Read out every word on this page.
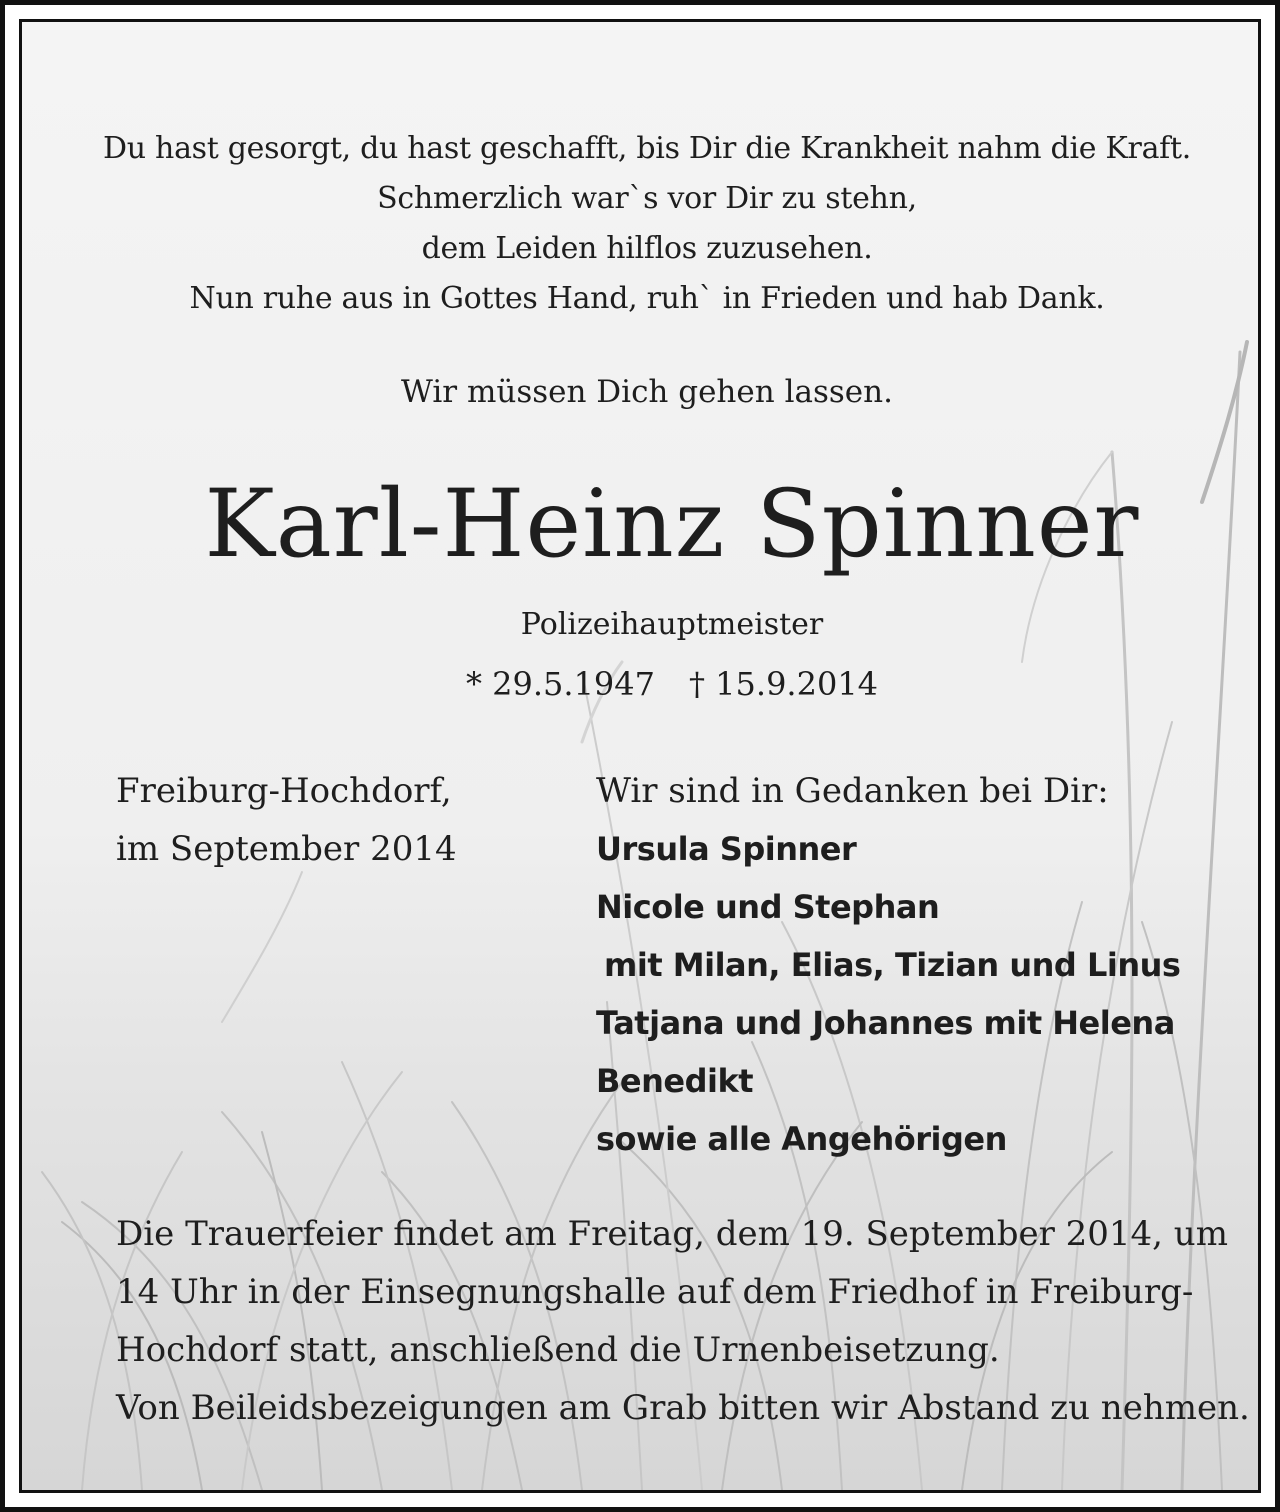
Du hast gesorgt, du hast geschafft, bis Dir die Krankheit nahm die Kraft.
Schmerzlich war`s vor Dir zu stehn,
dem Leiden hilflos zuzusehen.
Nun ruhe aus in Gottes Hand, ruh` in Frieden und hab Dank.
Wir müssen Dich gehen lassen.
Karl-Heinz Spinner
Polizeihauptmeister
* 29.5.1947 † 15.9.2014
Freiburg-Hochdorf,
im September 2014
Wir sind in Gedanken bei Dir:
Ursula Spinner
Nicole und Stephan
mit Milan, Elias, Tizian und Linus
Tatjana und Johannes mit Helena
Benedikt
sowie alle Angehörigen
Die Trauerfeier findet am Freitag, dem 19. September 2014, um
14 Uhr in der Einsegnungshalle auf dem Friedhof in Freiburg-
Hochdorf statt, anschließend die Urnenbeisetzung.
Von Beileidsbezeigungen am Grab bitten wir Abstand zu nehmen.
